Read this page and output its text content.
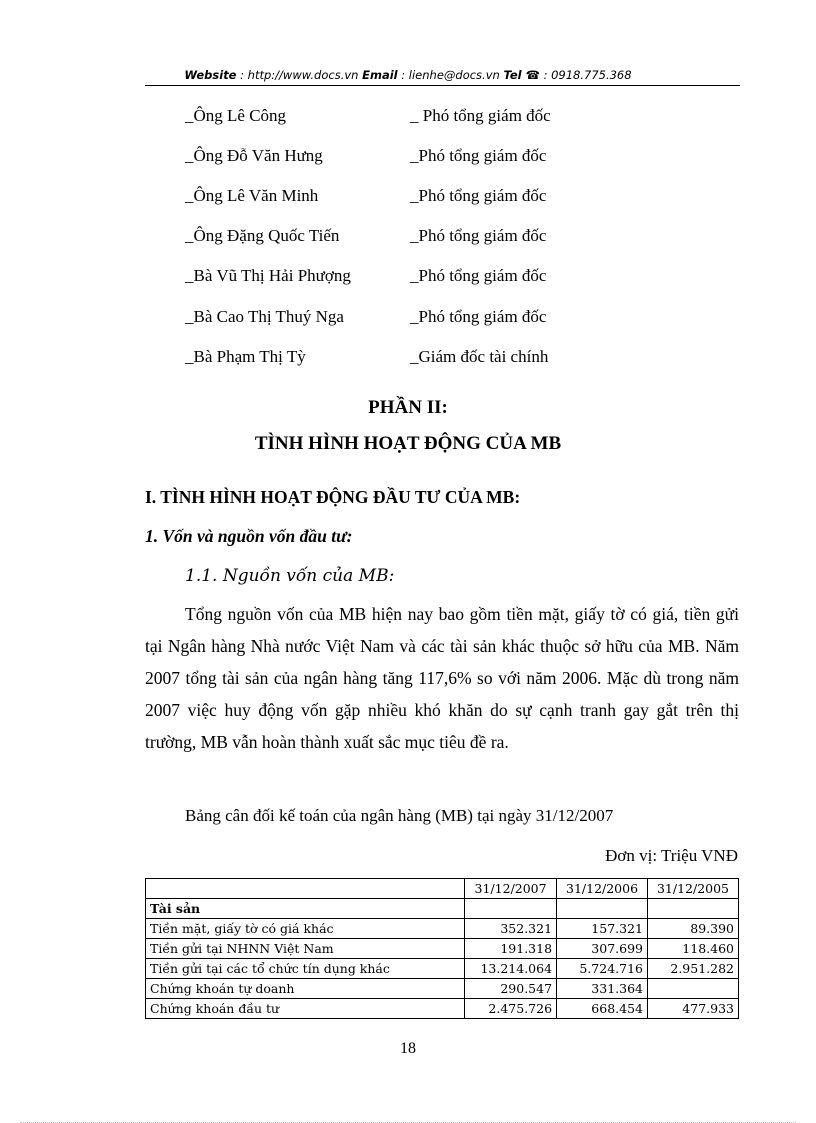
Website : http://www.docs.vn Email : lienhe@docs.vn Tel ☎ : 0918.775.368
_Ông Lê Công	_ Phó tổng giám đốc
_Ông Đỗ Văn Hưng	_Phó tổng giám đốc
_Ông Lê Văn Minh	_Phó tổng giám đốc
_Ông Đặng Quốc Tiến	_Phó tổng giám đốc
_Bà Vũ Thị Hải Phượng	_Phó tổng giám đốc
_Bà Cao Thị Thuý Nga	_Phó tổng giám đốc
_Bà Phạm Thị Tỳ	_Giám đốc tài chính
PHẦN II:
TÌNH HÌNH HOẠT ĐỘNG CỦA MB
I. TÌNH HÌNH HOẠT ĐỘNG ĐẦU TƯ CỦA MB:
1. Vốn và nguồn vốn đầu tư:
1.1. Nguồn vốn của MB:

Tổng nguồn vốn của MB hiện nay bao gồm tiền mặt, giấy tờ có giá, tiền gửi tại Ngân hàng Nhà nước Việt Nam và các tài sản khác thuộc sở hữu của MB. Năm 2007 tổng tài sản của ngân hàng tăng 117,6% so với năm 2006. Mặc dù trong năm 2007 việc huy động vốn gặp nhiều khó khăn do sự cạnh tranh gay gắt trên thị trường, MB vẫn hoàn thành xuất sắc mục tiêu đề ra.

Bảng cân đối kế toán của ngân hàng (MB) tại ngày 31/12/2007
Đơn vị: Triệu VNĐ
	31/12/2007	31/12/2006	31/12/2005
Tài sản			
Tiền mặt, giấy tờ có giá khác	352.321	157.321	89.390
Tiền gửi tại NHNN Việt Nam	191.318	307.699	118.460
Tiền gửi tại các tổ chức tín dụng khác	13.214.064	5.724.716	2.951.282
Chứng khoán tự doanh	290.547	331.364	
Chứng khoán đầu tư	2.475.726	668.454	477.933
18
